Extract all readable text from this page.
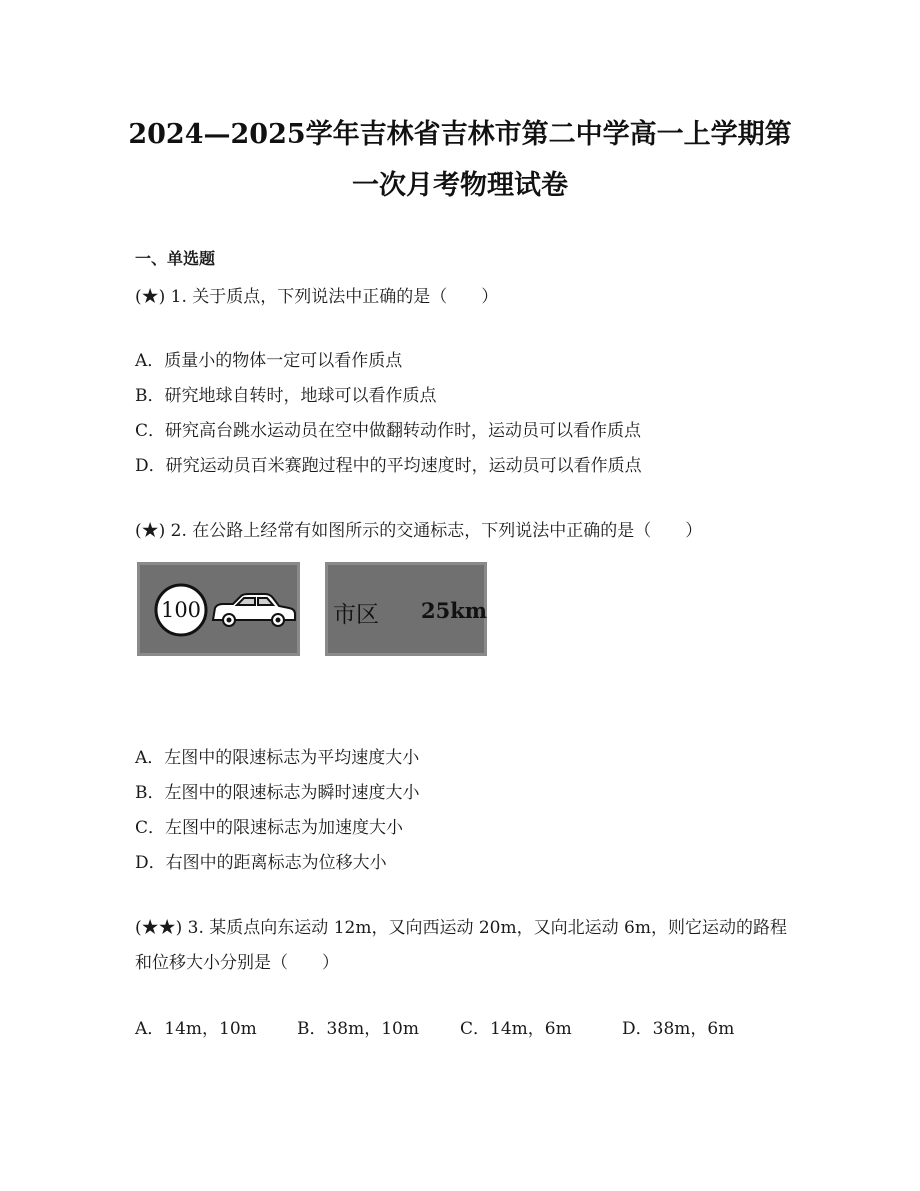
2024—2025学年吉林省吉林市第二中学高一上学期第
一次月考物理试卷
一、单选题
(★) 1. 关于质点，下列说法中正确的是（　　）
A．质量小的物体一定可以看作质点
B．研究地球自转时，地球可以看作质点
C．研究高台跳水运动员在空中做翻转动作时，运动员可以看作质点
D．研究运动员百米赛跑过程中的平均速度时，运动员可以看作质点
(★) 2. 在公路上经常有如图所示的交通标志，下列说法中正确的是（　　）
100	市区 25km
A．左图中的限速标志为平均速度大小
B．左图中的限速标志为瞬时速度大小
C．左图中的限速标志为加速度大小
D．右图中的距离标志为位移大小
(★★) 3. 某质点向东运动 12m，又向西运动 20m，又向北运动 6m，则它运动的路程
和位移大小分别是（　　）
A．14m，10m B．38m，10m C．14m，6m	D．38m，6m
